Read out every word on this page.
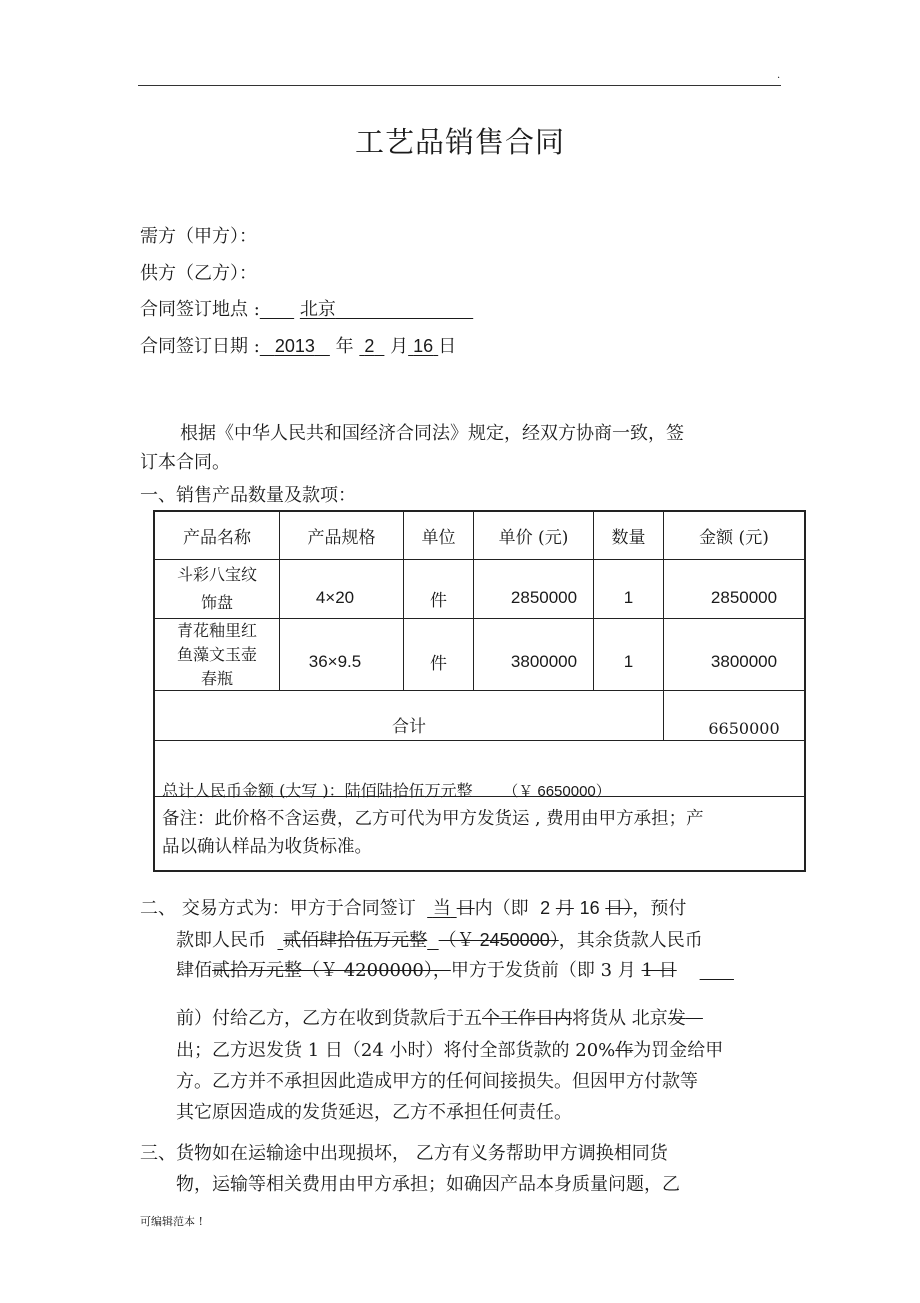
.
工艺品销售合同
需方（甲方）：
供方（乙方）：
合同签订地点 : 北京
合同签订日期 : 2013 年 2 月 16 日
根据《中华人民共和国经济合同法》规定，经双方协商一致，签
订本合同。
一、销售产品数量及款项：
产品名称	产品规格	单位	单价 (元)	数量	金额 (元)
斗彩八宝纹
饰盘	4×20	件	2850000	1	2850000
青花釉里红
鱼藻文玉壶
春瓶
36×9.5	件	3800000	1	3800000
合计	6650000
总计人民币金额 (大写 )：陆佰陆拾伍万元整 （￥ 6650000）
备注：此价格不含运费，乙方可代为甲方发货运 , 费用由甲方承担；产
品以确认样品为收货标准。
二、 交易方式为：甲方于合同签订 当 日内（即 2 月 16 日），预付
款即人民币 贰佰肆拾伍万元整 （￥ 2450000），其余货款人民币
肆佰贰拾万元整（￥ 4200000），甲方于发货前（即 3 月 1 日
前）付给乙方，乙方在收到货款后于五个工作日内将货从 北京发
出；乙方迟发货 1 日（24 小时）将付全部货款的 20%作为罚金给甲
方。乙方并不承担因此造成甲方的任何间接损失。但因甲方付款等
其它原因造成的发货延迟，乙方不承担任何责任。
三、货物如在运输途中出现损坏， 乙方有义务帮助甲方调换相同货
物，运输等相关费用由甲方承担；如确因产品本身质量问题，乙
可编辑范本 !
